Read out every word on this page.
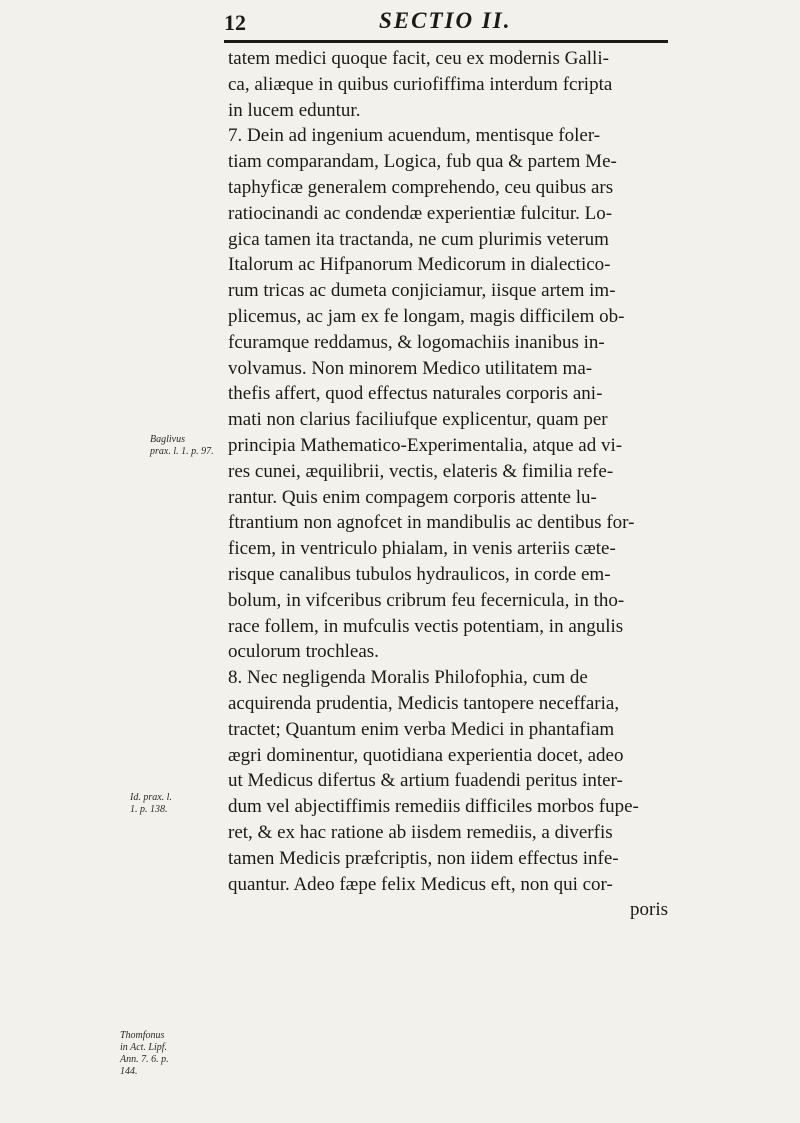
12	SECTIO II.
tatem medici quoque facit, ceu ex modernis Galli-
ca, aliæque in quibus curiofiffima interdum fcripta
in lucem eduntur.
7. Dein ad ingenium acuendum, mentisque foler-
tiam comparandam, Logica, fub qua & partem Me-
taphyficæ generalem comprehendo, ceu quibus ars
ratiocinandi ac condendæ experientiæ fulcitur. Lo-
gica tamen ita tractanda, ne cum plurimis veterum
Italorum ac Hifpanorum Medicorum in dialectico-
rum tricas ac dumeta conjiciamur, iisque artem im-
plicemus, ac jam ex fe longam, magis difficilem ob-
fcuramque reddamus, & logomachiis inanibus in-
volvamus. Non minorem Medico utilitatem ma-
thefis affert, quod effectus naturales corporis ani-
mati non clarius faciliufque explicentur, quam per
principia Mathematico-Experimentalia, atque ad vi-
res cunei, æquilibrii, vectis, elateris & fimilia refe-
rantur. Quis enim compagem corporis attente lu-
ftrantium non agnofcet in mandibulis ac dentibus for-
ficem, in ventriculo phialam, in venis arteriis cæte-
risque canalibus tubulos hydraulicos, in corde em-
bolum, in vifceribus cribrum feu fecernicula, in tho-
race follem, in mufculis vectis potentiam, in angulis
oculorum trochleas.
8. Nec negligenda Moralis Philofophia, cum de
acquirenda prudentia, Medicis tantopere neceffaria,
tractet; Quantum enim verba Medici in phantafiam
ægri dominentur, quotidiana experientia docet, adeo
ut Medicus difertus & artium fuadendi peritus inter-
dum vel abjectiffimis remediis difficiles morbos fupe-
ret, & ex hac ratione ab iisdem remediis, a diverfis
tamen Medicis præfcriptis, non iidem effectus infe-
quantur. Adeo fæpe felix Medicus eft, non qui cor-
poris
Baglivus
prax. l. 1. p. 97.
Id. prax. l.
1. p. 138.
Thomfonus
in Act. Lipf.
Ann. 7. 6. p.
144.
